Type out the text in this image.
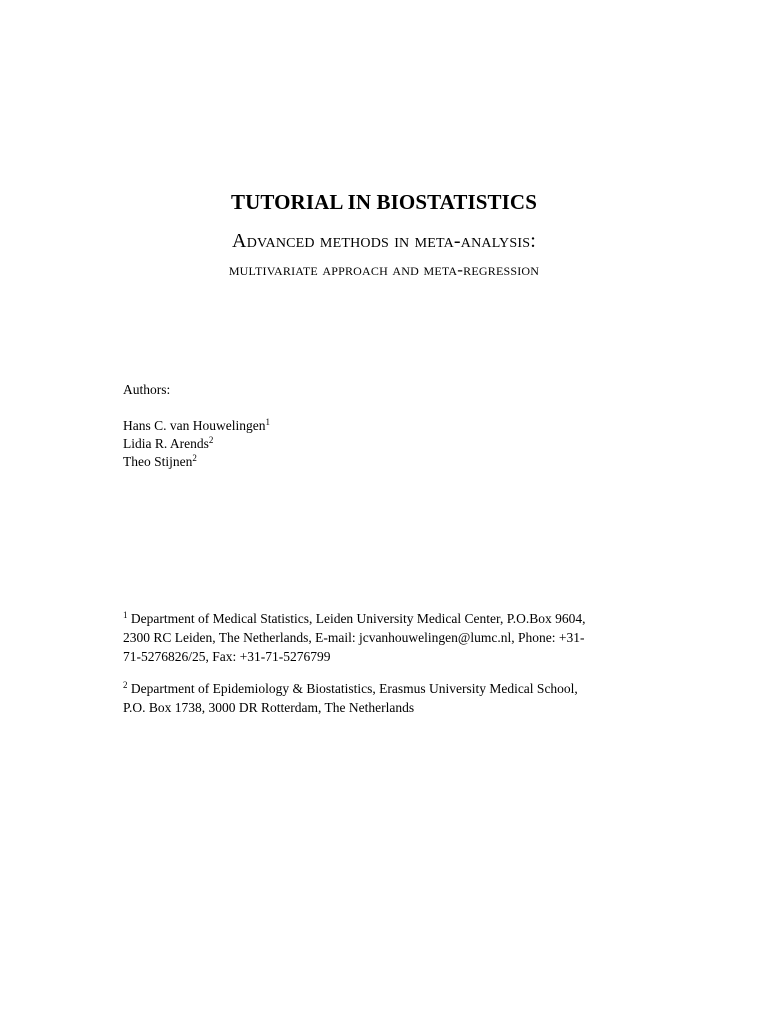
TUTORIAL IN BIOSTATISTICS
Advanced methods in meta-analysis:
multivariate approach and meta-regression
Authors:
Hans C. van Houwelingen$^1$
Lidia R. Arends$^2$
Theo Stijnen$^2$
$^1$ Department of Medical Statistics, Leiden University Medical Center, P.O.Box 9604,
2300 RC Leiden, The Netherlands, E-mail: jcvanhouwelingen@lumc.nl, Phone: +31-
71-5276826/25, Fax: +31-71-5276799
$^2$ Department of Epidemiology & Biostatistics, Erasmus University Medical School,
P.O. Box 1738, 3000 DR Rotterdam, The Netherlands
